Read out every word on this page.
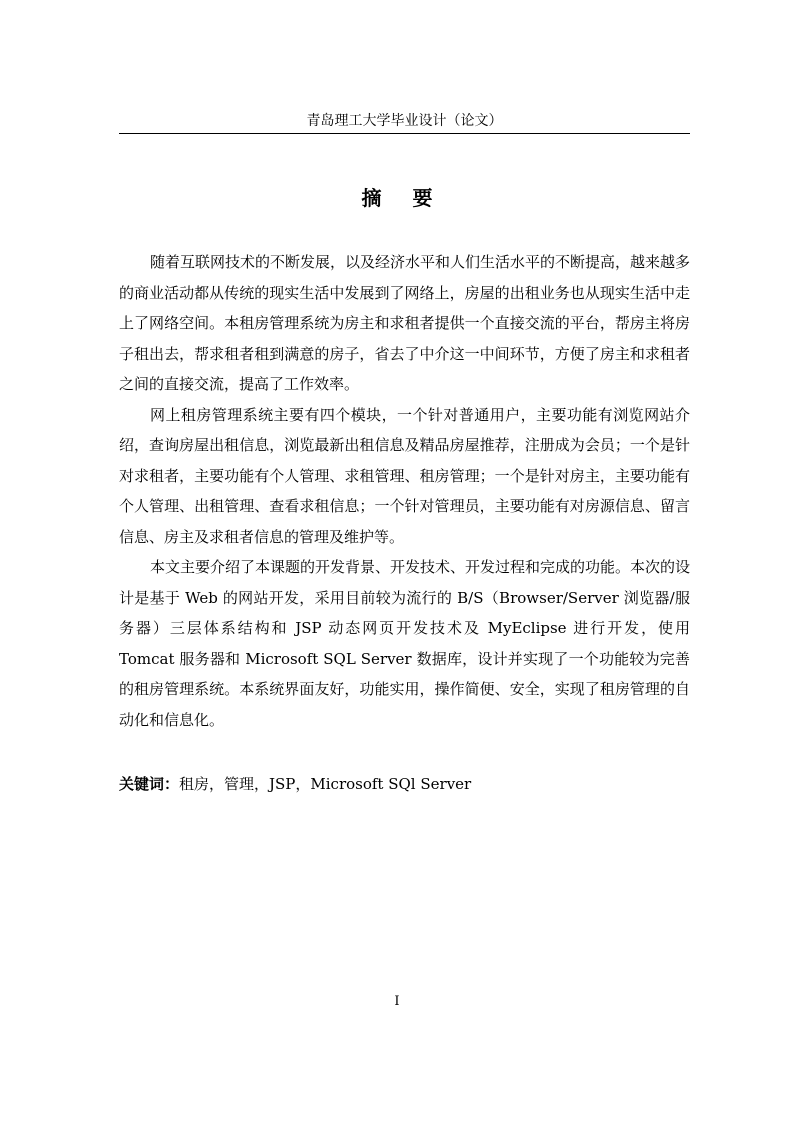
青岛理工大学毕业设计（论文）
摘 要

随着互联网技术的不断发展，以及经济水平和人们生活水平的不断提高，越来越多的商业活动都从传统的现实生活中发展到了网络上，房屋的出租业务也从现实生活中走上了网络空间。本租房管理系统为房主和求租者提供一个直接交流的平台，帮房主将房子租出去，帮求租者租到满意的房子，省去了中介这一中间环节，方便了房主和求租者之间的直接交流，提高了工作效率。

网上租房管理系统主要有四个模块，一个针对普通用户，主要功能有浏览网站介绍，查询房屋出租信息，浏览最新出租信息及精品房屋推荐，注册成为会员；一个是针对求租者，主要功能有个人管理、求租管理、租房管理；一个是针对房主，主要功能有个人管理、出租管理、查看求租信息；一个针对管理员，主要功能有对房源信息、留言信息、房主及求租者信息的管理及维护等。

本文主要介绍了本课题的开发背景、开发技术、开发过程和完成的功能。本次的设计是基于 Web 的网站开发，采用目前较为流行的 B/S（Browser/Server 浏览器/服务器）三层体系结构和 JSP 动态网页开发技术及 MyEclipse 进行开发，使用 Tomcat 服务器和 Microsoft SQL Server 数据库，设计并实现了一个功能较为完善的租房管理系统。本系统界面友好，功能实用，操作简便、安全，实现了租房管理的自动化和信息化。

关键词：租房，管理，JSP，Microsoft SQl Server
I
